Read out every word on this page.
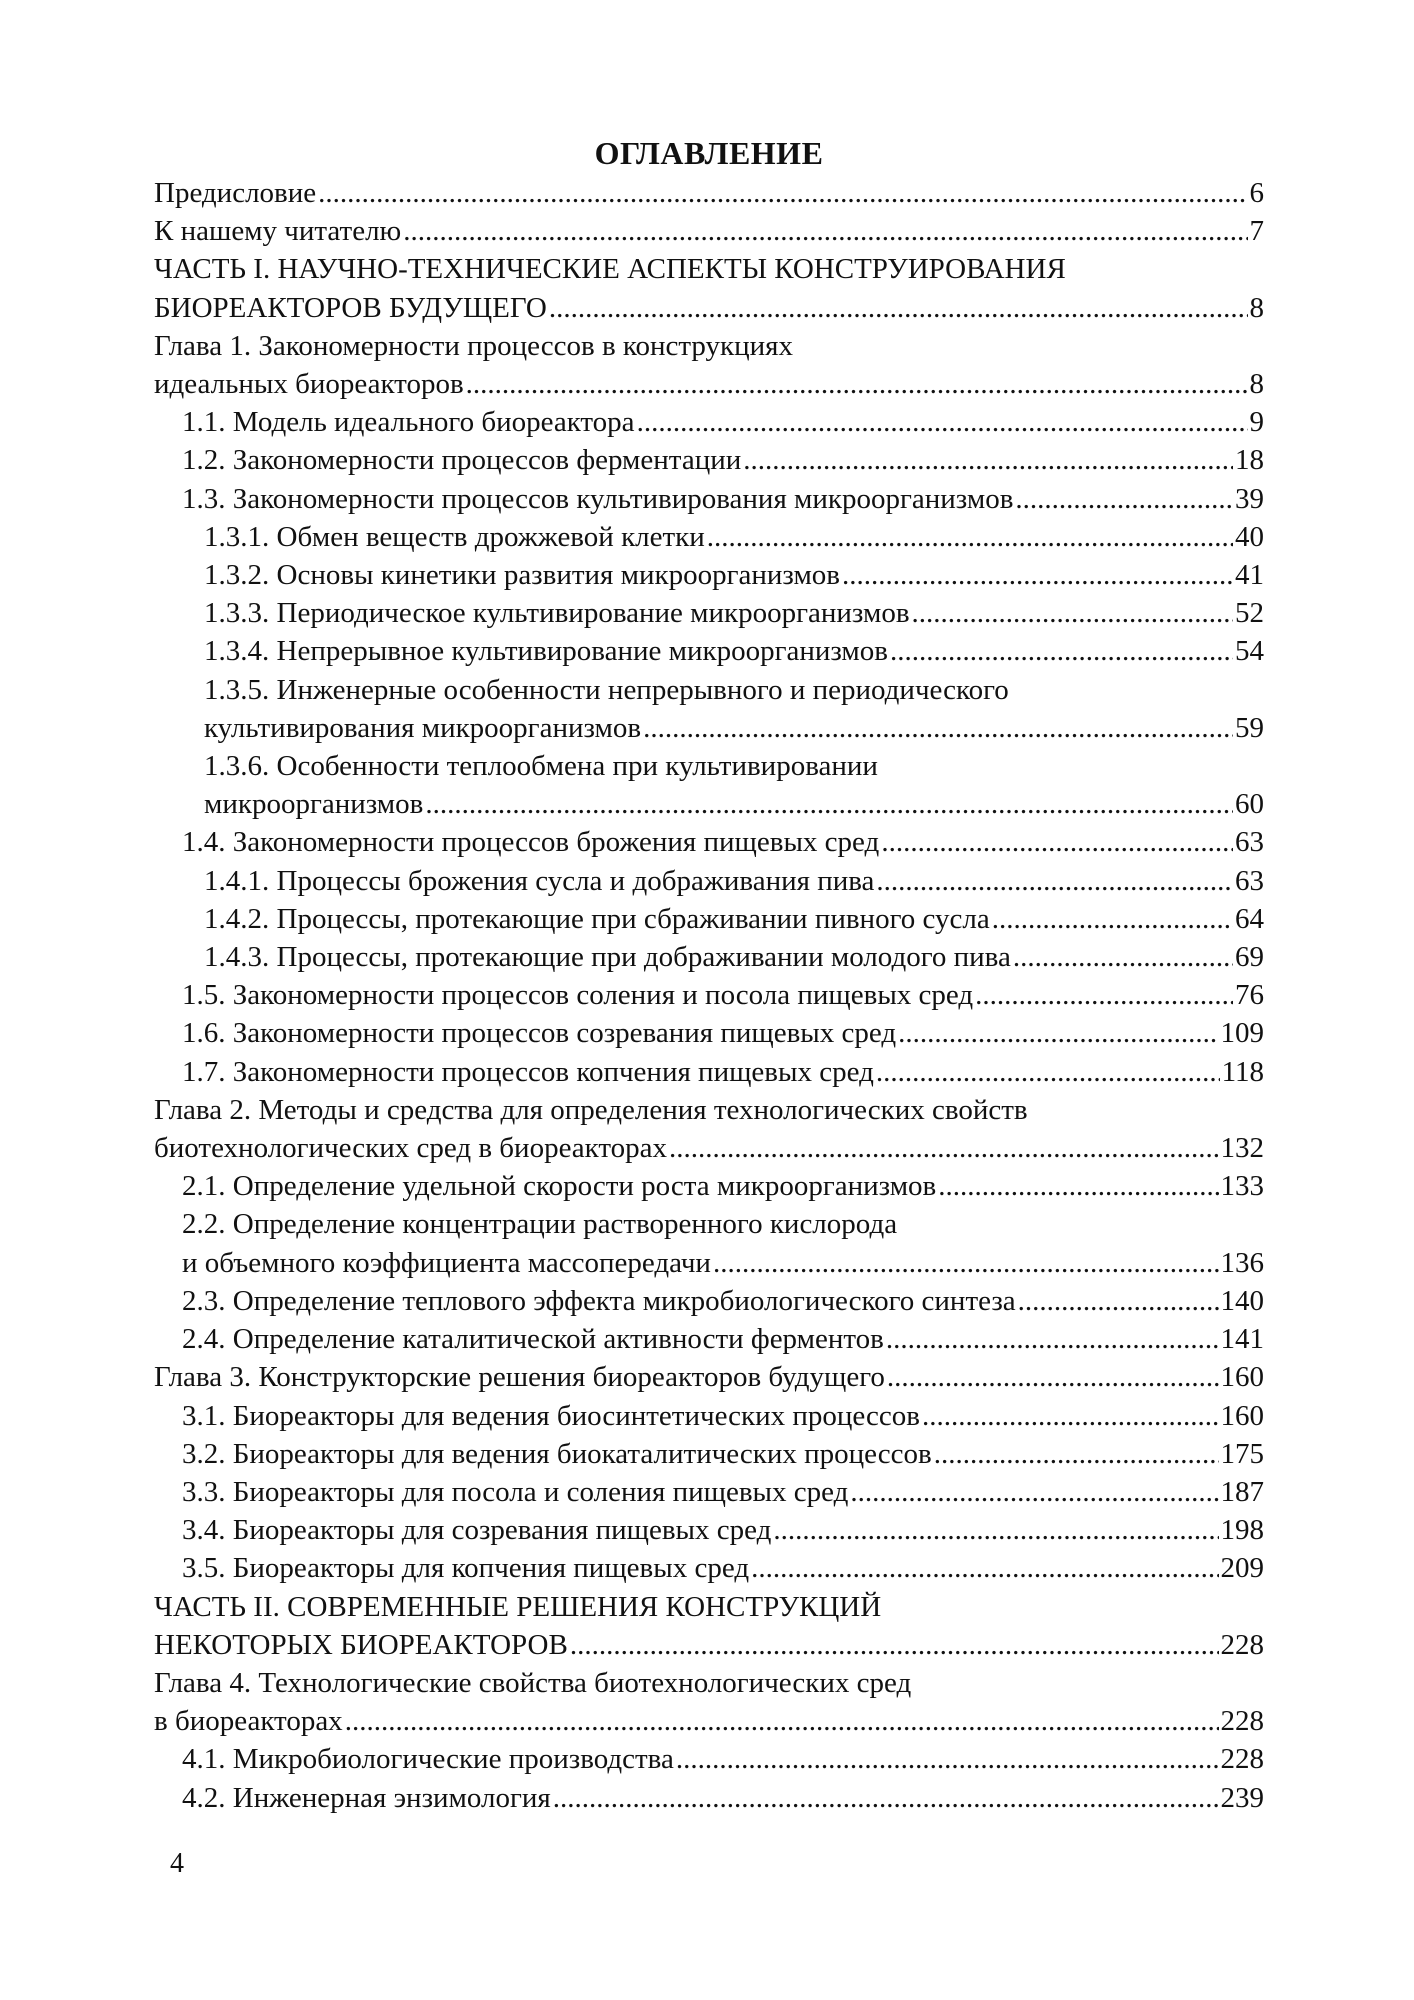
ОГЛАВЛЕНИЕ
Предисловие .....	6
К нашему читателю .....	7
ЧАСТЬ I. НАУЧНО-ТЕХНИЧЕСКИЕ АСПЕКТЫ КОНСТРУИРОВАНИЯ
БИОРЕАКТОРОВ БУДУЩЕГО .....	8
Глава 1. Закономерности процессов в конструкциях
идеальных биореакторов .....	8
1.1. Модель идеального биореактора .....	9
1.2. Закономерности процессов ферментации .....	18
1.3. Закономерности процессов культивирования микроорганизмов .....	39
1.3.1. Обмен веществ дрожжевой клетки .....	40
1.3.2. Основы кинетики развития микроорганизмов .....	41
1.3.3. Периодическое культивирование микроорганизмов .....	52
1.3.4. Непрерывное культивирование микроорганизмов .....	54
1.3.5. Инженерные особенности непрерывного и периодического
культивирования микроорганизмов .....	59
1.3.6. Особенности теплообмена при культивировании
микроорганизмов .....	60
1.4. Закономерности процессов брожения пищевых сред .....	63
1.4.1. Процессы брожения сусла и дображивания пива .....	63
1.4.2. Процессы, протекающие при сбраживании пивного сусла .....	64
1.4.3. Процессы, протекающие при дображивании молодого пива .....	69
1.5. Закономерности процессов соления и посола пищевых сред .....	76
1.6. Закономерности процессов созревания пищевых сред .....	109
1.7. Закономерности процессов копчения пищевых сред .....	118
Глава 2. Методы и средства для определения технологических свойств
биотехнологических сред в биореакторах .....	132
2.1. Определение удельной скорости роста микроорганизмов .....	133
2.2. Определение концентрации растворенного кислорода
и объемного коэффициента массопередачи .....	136
2.3. Определение теплового эффекта микробиологического синтеза .....	140
2.4. Определение каталитической активности ферментов .....	141
Глава 3. Конструкторские решения биореакторов будущего .....	160
3.1. Биореакторы для ведения биосинтетических процессов .....	160
3.2. Биореакторы для ведения биокаталитических процессов .....	175
3.3. Биореакторы для посола и соления пищевых сред .....	187
3.4. Биореакторы для созревания пищевых сред .....	198
3.5. Биореакторы для копчения пищевых сред .....	209
ЧАСТЬ II. СОВРЕМЕННЫЕ РЕШЕНИЯ КОНСТРУКЦИЙ
НЕКОТОРЫХ БИОРЕАКТОРОВ .....	228
Глава 4. Технологические свойства биотехнологических сред
в биореакторах .....	228
4.1. Микробиологические производства .....	228
4.2. Инженерная энзимология .....	239
4
